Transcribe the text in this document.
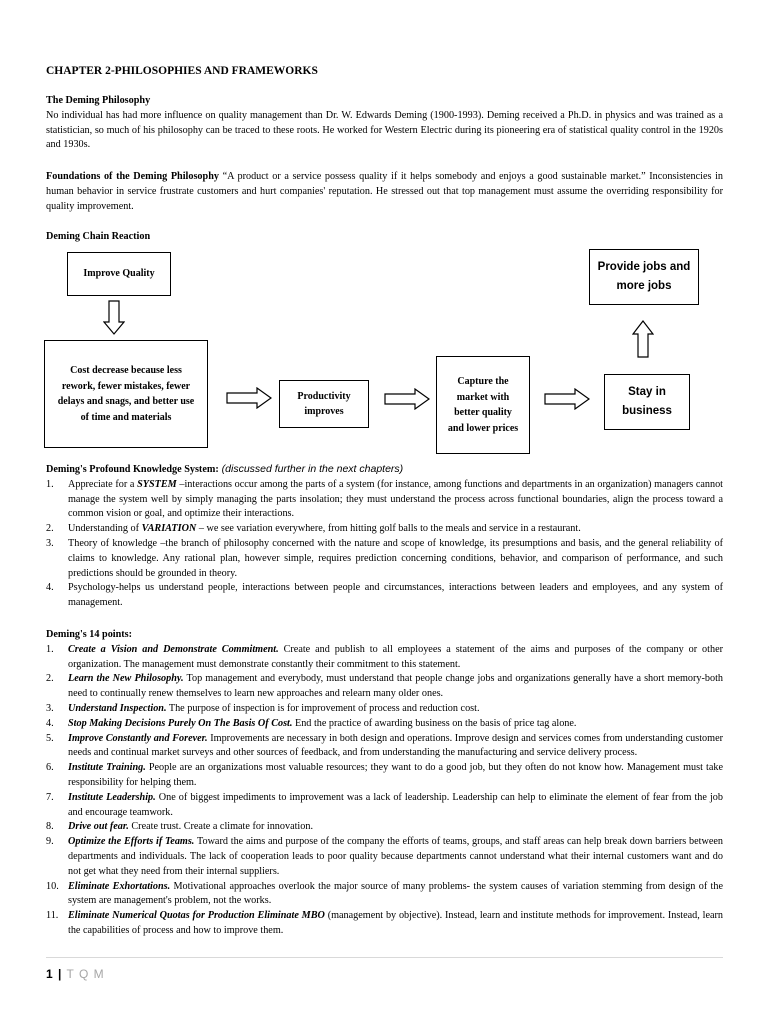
CHAPTER 2-PHILOSOPHIES AND FRAMEWORKS

The Deming Philosophy

No individual has had more influence on quality management than Dr. W. Edwards Deming (1900-1993). Deming received a Ph.D. in physics and was trained as a statistician, so much of his philosophy can be traced to these roots. He worked for Western Electric during its pioneering era of statistical quality control in the 1920s and 1930s.

Foundations of the Deming Philosophy “A product or a service possess quality if it helps somebody and enjoys a good sustainable market.” Inconsistencies in human behavior in service frustrate customers and hurt companies' reputation. He stressed out that top management must assume the overriding responsibility for quality improvement.

Deming Chain Reaction

Improve Quality
Cost decrease because less rework, fewer mistakes, fewer delays and snags, and better use of time and materials
Productivity improves
Capture the market with better quality and lower prices
Stay in business
Provide jobs and more jobs

Deming's Profound Knowledge System: (discussed further in the next chapters)

1. Appreciate for a SYSTEM –interactions occur among the parts of a system (for instance, among functions and departments in an organization) managers cannot manage the system well by simply managing the parts insolation; they must understand the process across functional boundaries, align the process toward a common vision or goal, and optimize their interactions.
2. Understanding of VARIATION – we see variation everywhere, from hitting golf balls to the meals and service in a restaurant.
3. Theory of knowledge –the branch of philosophy concerned with the nature and scope of knowledge, its presumptions and basis, and the general reliability of claims to knowledge. Any rational plan, however simple, requires prediction concerning conditions, behavior, and comparison of performance, and such predictions should be grounded in theory.
4. Psychology-helps us understand people, interactions between people and circumstances, interactions between leaders and employees, and any system of management.

Deming's 14 points:

1. Create a Vision and Demonstrate Commitment. Create and publish to all employees a statement of the aims and purposes of the company or other organization. The management must demonstrate constantly their commitment to this statement.
2. Learn the New Philosophy. Top management and everybody, must understand that people change jobs and organizations generally have a short memory-both need to continually renew themselves to learn new approaches and relearn many older ones.
3. Understand Inspection. The purpose of inspection is for improvement of process and reduction cost.
4. Stop Making Decisions Purely On The Basis Of Cost. End the practice of awarding business on the basis of price tag alone.
5. Improve Constantly and Forever. Improvements are necessary in both design and operations. Improve design and services comes from understanding customer needs and continual market surveys and other sources of feedback, and from understanding the manufacturing and service delivery process.
6. Institute Training. People are an organizations most valuable resources; they want to do a good job, but they often do not know how. Management must take responsibility for helping them.
7. Institute Leadership. One of biggest impediments to improvement was a lack of leadership. Leadership can help to eliminate the element of fear from the job and encourage teamwork.
8. Drive out fear. Create trust. Create a climate for innovation.
9. Optimize the Efforts if Teams. Toward the aims and purpose of the company the efforts of teams, groups, and staff areas can help break down barriers between departments and individuals. The lack of cooperation leads to poor quality because departments cannot understand what their internal customers want and do not get what they need from their internal suppliers.
10. Eliminate Exhortations. Motivational approaches overlook the major source of many problems- the system causes of variation stemming from design of the system are management's problem, not the works.
11. Eliminate Numerical Quotas for Production Eliminate MBO (management by objective). Instead, learn and institute methods for improvement. Instead, learn the capabilities of process and how to improve them.
1 | T Q M
